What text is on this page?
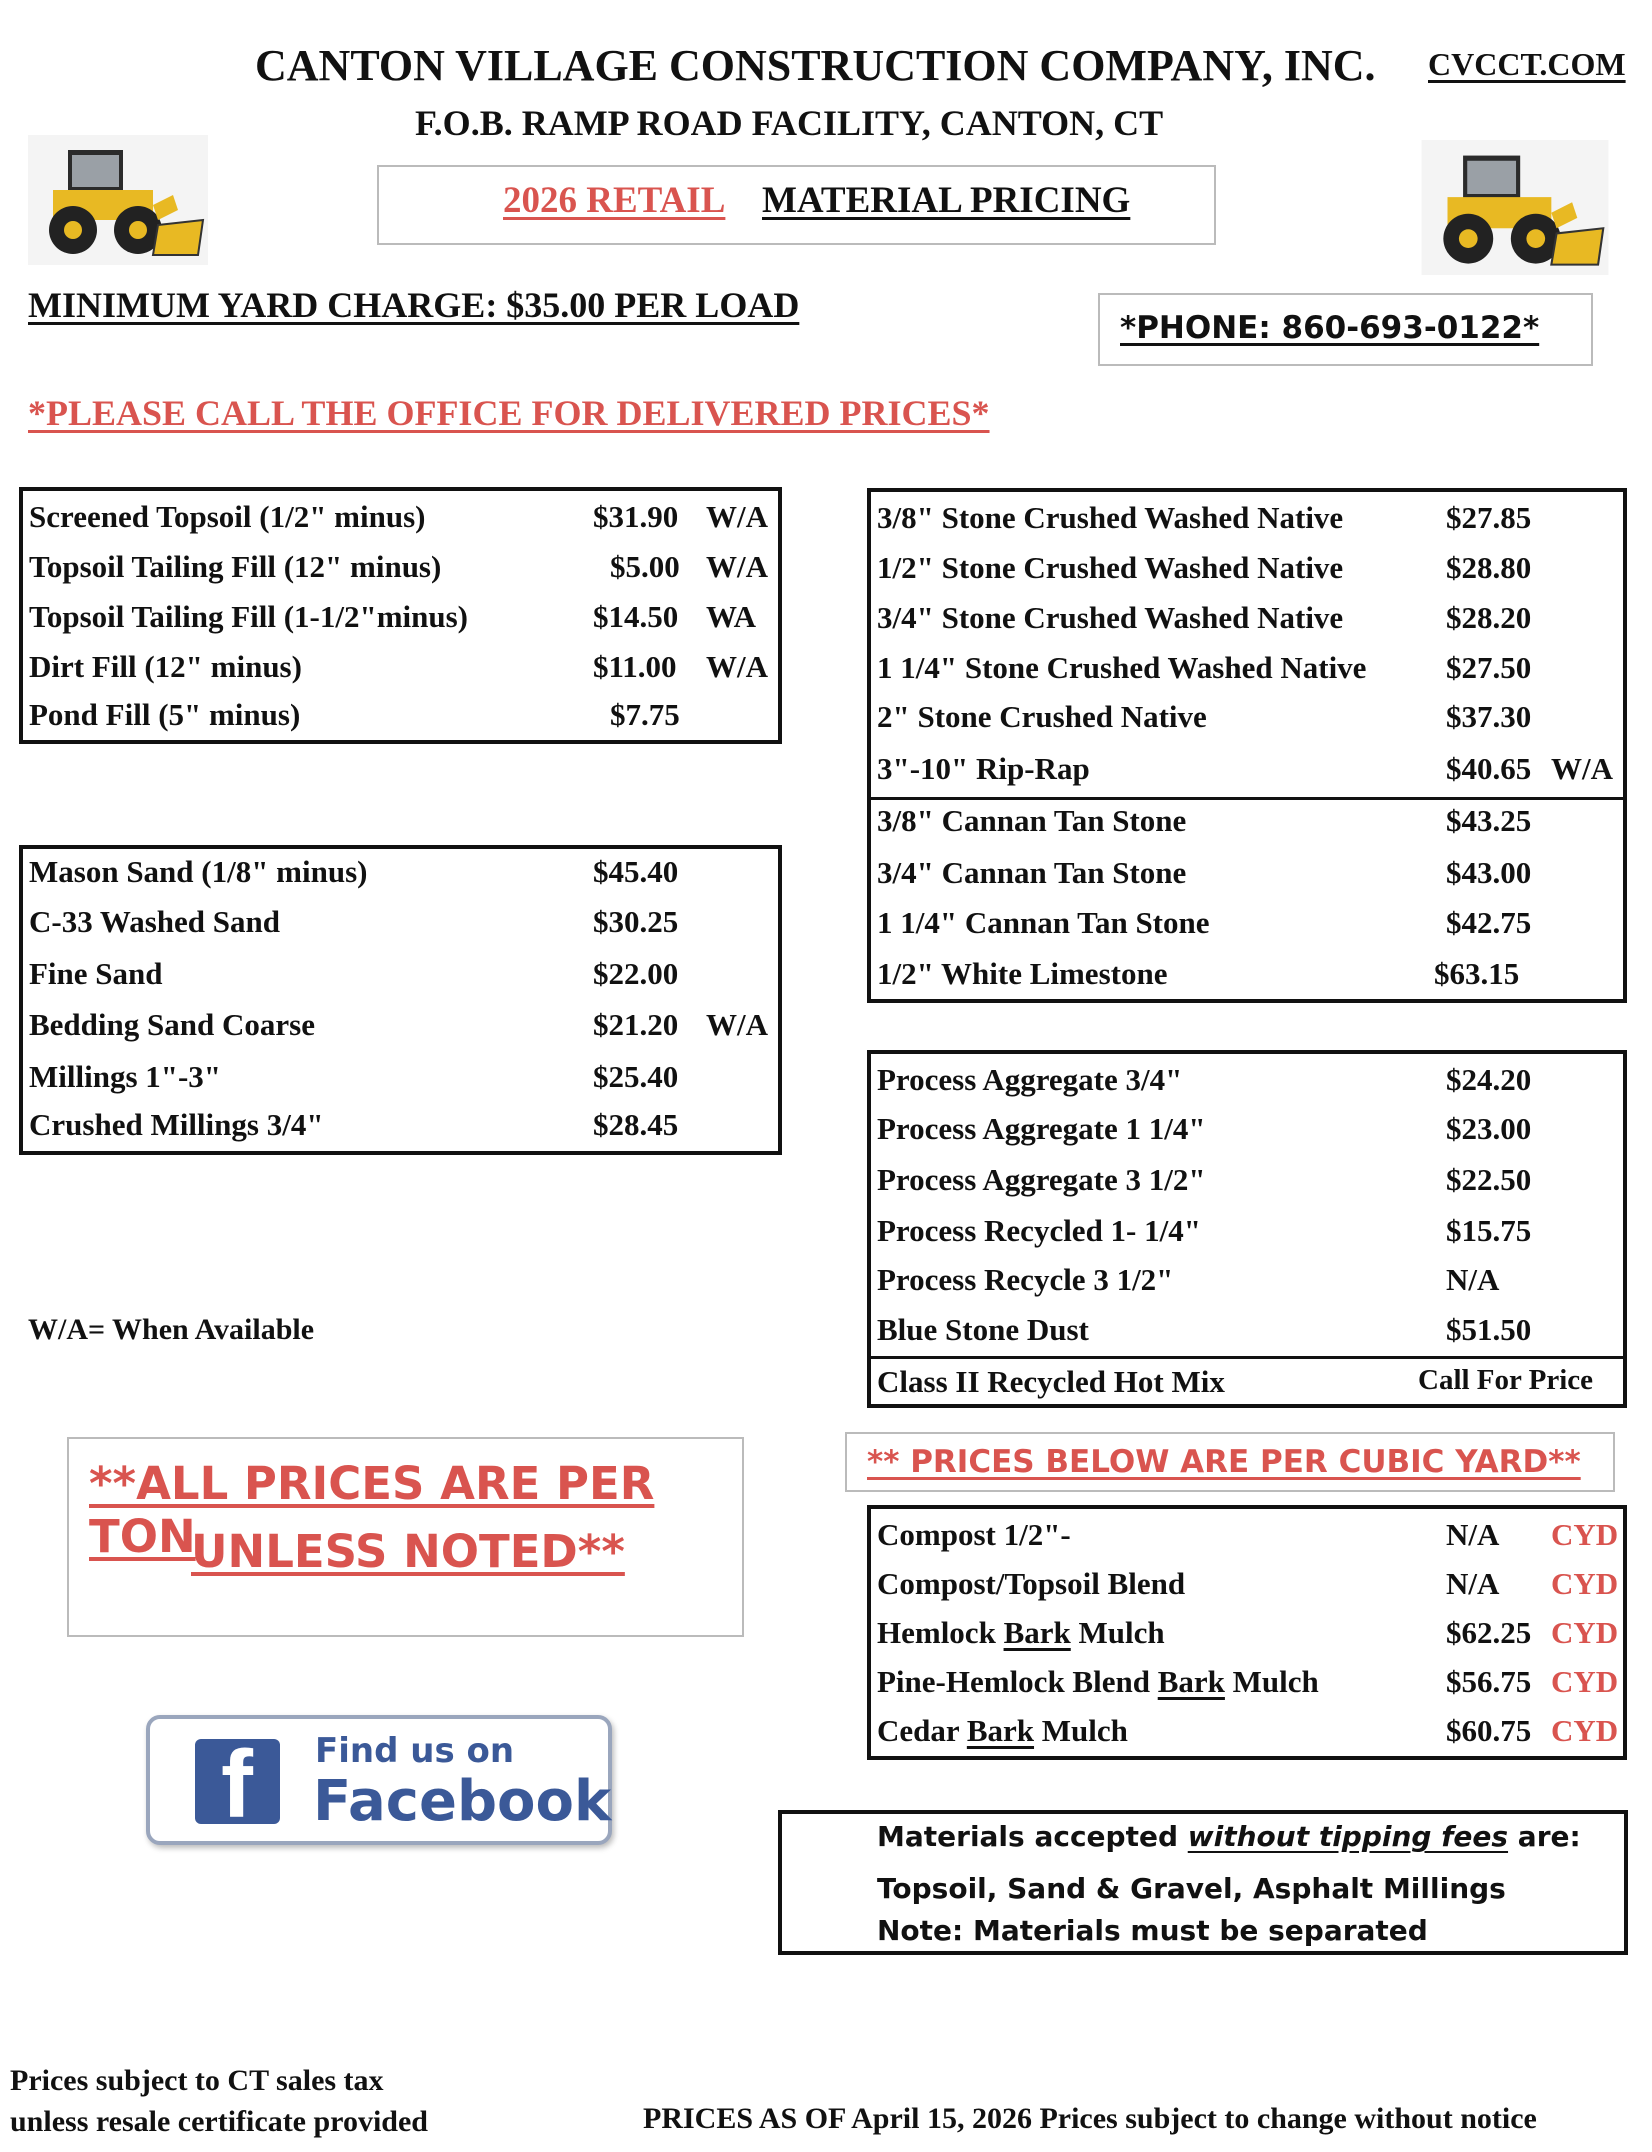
CANTON VILLAGE CONSTRUCTION COMPANY, INC. CVCCT.COM
F.O.B. RAMP ROAD FACILITY, CANTON, CT
2026 RETAIL MATERIAL PRICING
MINIMUM YARD CHARGE: $35.00 PER LOAD
*PHONE: 860-693-0122*
*PLEASE CALL THE OFFICE FOR DELIVERED PRICES*
Screened Topsoil (1/2" minus)	$31.90 W/A
Topsoil Tailing Fill (12" minus)	$5.00 W/A
Topsoil Tailing Fill (1-1/2"minus)	$14.50 WA
Dirt Fill (12" minus)	$11.00 W/A
Pond Fill (5" minus)	$7.75
Mason Sand (1/8" minus)	$45.40
C-33 Washed Sand	$30.25
Fine Sand	$22.00
Bedding Sand Coarse	$21.20 W/A
Millings 1"-3"	$25.40
Crushed Millings 3/4"	$28.45
3/8" Stone Crushed Washed Native	$27.85
1/2" Stone Crushed Washed Native	$28.80
3/4" Stone Crushed Washed Native	$28.20
1 1/4" Stone Crushed Washed Native	$27.50
2" Stone Crushed Native	$37.30
3"-10" Rip-Rap	$40.65 W/A
3/8" Cannan Tan Stone	$43.25
3/4" Cannan Tan Stone	$43.00
1 1/4" Cannan Tan Stone	$42.75
1/2" White Limestone	$63.15
Process Aggregate 3/4"	$24.20
Process Aggregate 1 1/4"	$23.00
Process Aggregate 3 1/2"	$22.50
Process Recycled 1- 1/4"	$15.75
Process Recycle 3 1/2"	N/A
Blue Stone Dust	$51.50
Class II Recycled Hot Mix	Call For Price
W/A= When Available
**ALL PRICES ARE PER TON
UNLESS NOTED**
** PRICES BELOW ARE PER CUBIC YARD**
Compost 1/2"-	N/A CYD
Compost/Topsoil Blend	N/A CYD
Hemlock Bark Mulch	$62.25 CYD
Pine-Hemlock Blend Bark Mulch	$56.75 CYD
Cedar Bark Mulch	$60.75 CYD
f Find us on
Facebook
Materials accepted without tipping fees are:
Topsoil, Sand & Gravel, Asphalt Millings
Note: Materials must be separated
Prices subject to CT sales tax
unless resale certificate provided	PRICES AS OF April 15, 2026 Prices subject to change without notice
